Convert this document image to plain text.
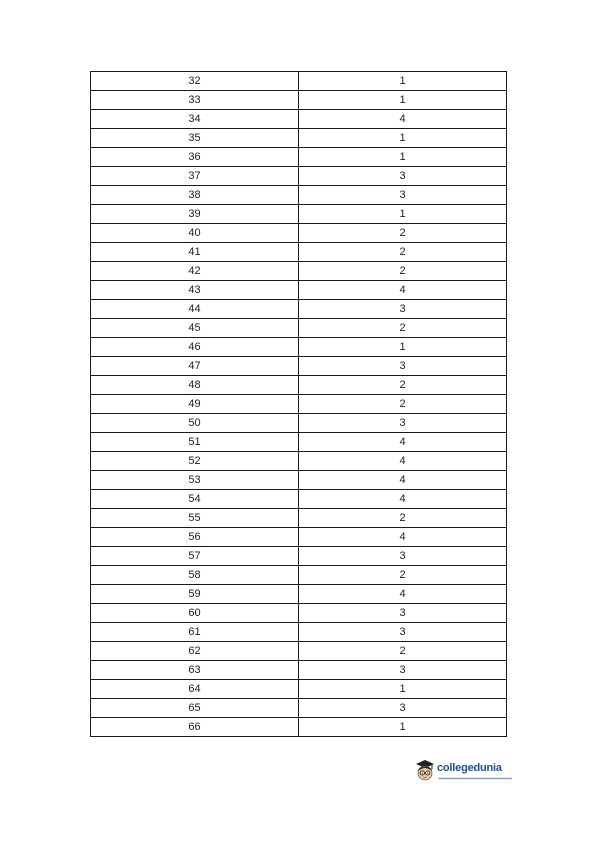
32	1
33	1
34	4
35	1
36	1
37	3
38	3
39	1
40	2
41	2
42	2
43	4
44	3
45	2
46	1
47	3
48	2
49	2
50	3
51	4
52	4
53	4
54	4
55	2
56	4
57	3
58	2
59	4
60	3
61	3
62	2
63	3
64	1
65	3
66	1
collegedunia
